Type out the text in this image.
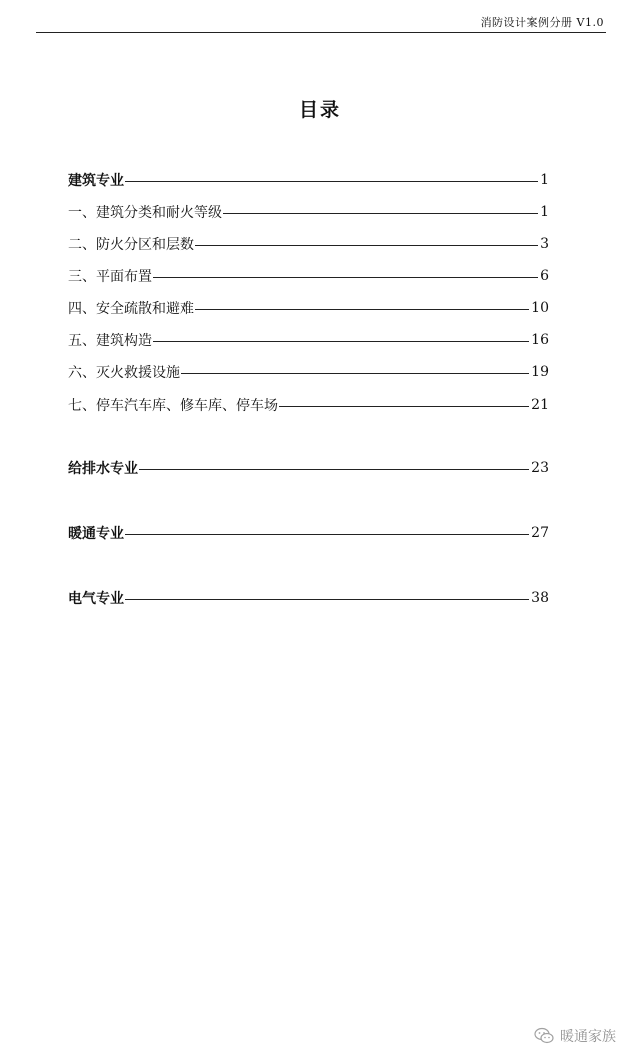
消防设计案例分册 V1.0
目录
建筑专业	1
一、建筑分类和耐火等级	1
二、防火分区和层数	3
三、平面布置	6
四、安全疏散和避难	10
五、建筑构造	16
六、灭火救援设施	19
七、停车汽车库、修车库、停车场	21
给排水专业	23
暖通专业	27
电气专业	38
暖通家族
